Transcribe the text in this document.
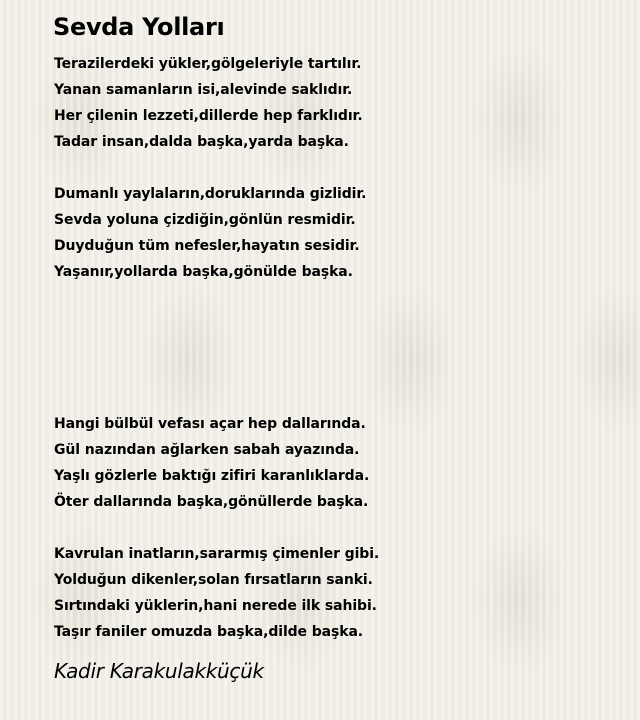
Sevda Yolları
Terazilerdeki yükler,gölgeleriyle tartılır.
Yanan samanların isi,alevinde saklıdır.
Her çilenin lezzeti,dillerde hep farklıdır.
Tadar insan,dalda başka,yarda başka.
Dumanlı yaylaların,doruklarında gizlidir.
Sevda yoluna çizdiğin,gönlün resmidir.
Duyduğun tüm nefesler,hayatın sesidir.
Yaşanır,yollarda başka,gönülde başka.
Hangi bülbül vefası açar hep dallarında.
Gül nazından ağlarken sabah ayazında.
Yaşlı gözlerle baktığı zifiri karanlıklarda.
Öter dallarında başka,gönüllerde başka.
Kavrulan inatların,sararmış çimenler gibi.
Yolduğun dikenler,solan fırsatların sanki.
Sırtındaki yüklerin,hani nerede ilk sahibi.
Taşır faniler omuzda başka,dilde başka.
Kadir Karakulakküçük
